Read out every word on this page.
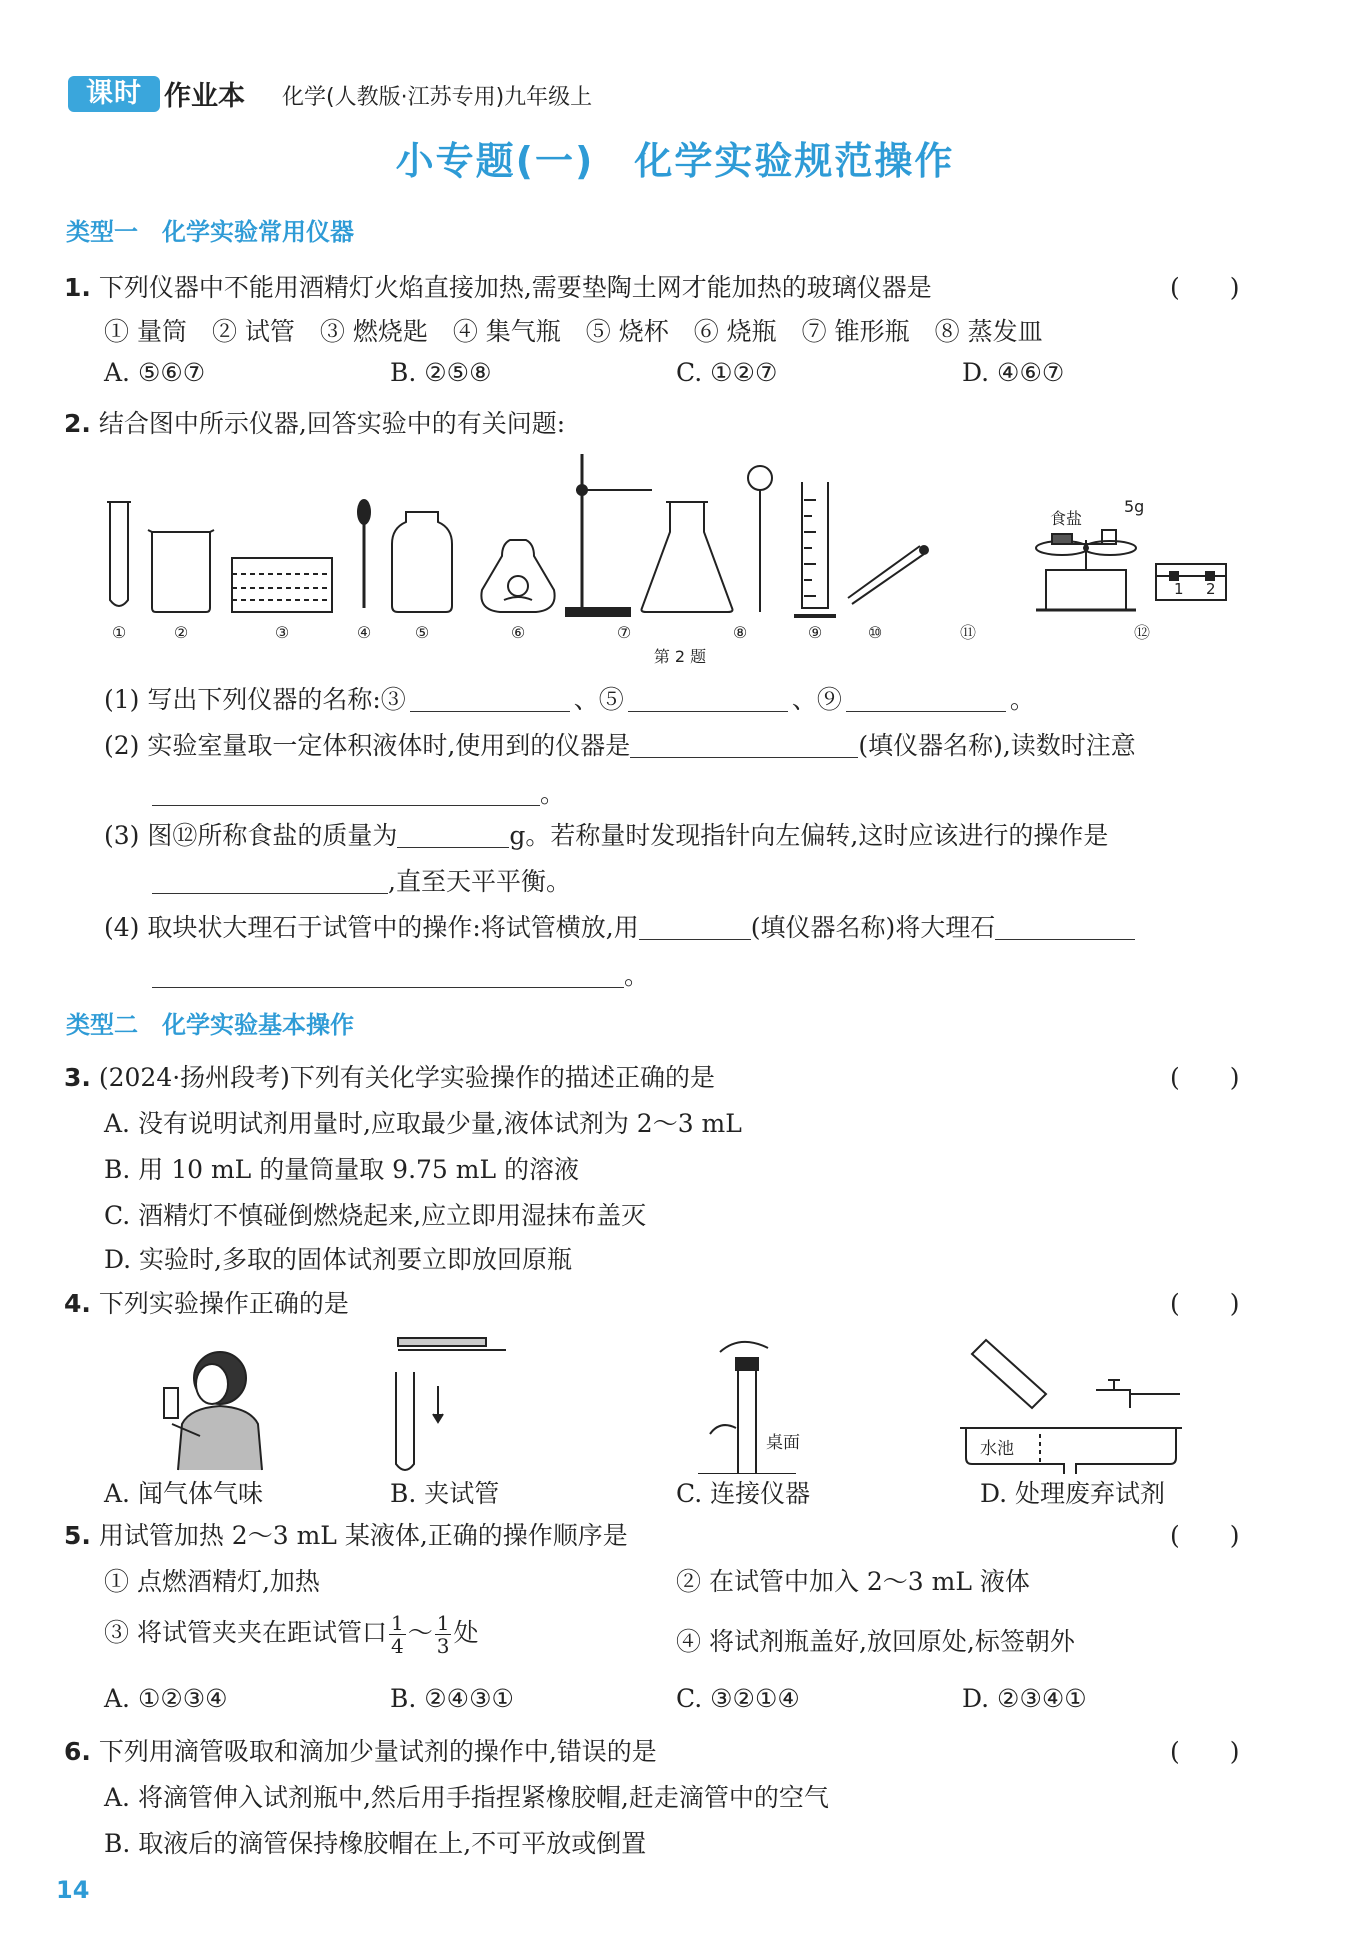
课时 作业本 化学(人教版·江苏专用)九年级上
小专题(一)　化学实验规范操作
类型一　化学实验常用仪器
1. 下列仪器中不能用酒精灯火焰直接加热,需要垫陶土网才能加热的玻璃仪器是	(　　)
① 量筒　② 试管　③ 燃烧匙　④ 集气瓶　⑤ 烧杯　⑥ 烧瓶　⑦ 锥形瓶　⑧ 蒸发皿
A. ⑤⑥⑦	B. ②⑤⑧	C. ①②⑦	D. ④⑥⑦
2. 结合图中所示仪器,回答实验中的有关问题:
食盐
5g
1 2
①	②	③	④	⑤	⑥	⑦	⑧	⑨	⑩	⑪	⑫
第 2 题
(1) 写出下列仪器的名称:③	、⑤	、⑨	。
(2) 实验室量取一定体积液体时,使用到的仪器是	(填仪器名称),读数时注意
。
(3) 图⑫所称食盐的质量为	g。若称量时发现指针向左偏转,这时应该进行的操作是
,直至天平平衡。
(4) 取块状大理石于试管中的操作:将试管横放,用	(填仪器名称)将大理石
。
类型二　化学实验基本操作
3. (2024·扬州段考)下列有关化学实验操作的描述正确的是	(　　)
A. 没有说明试剂用量时,应取最少量,液体试剂为 2～3 mL
B. 用 10 mL 的量筒量取 9.75 mL 的溶液
C. 酒精灯不慎碰倒燃烧起来,应立即用湿抹布盖灭
D. 实验时,多取的固体试剂要立即放回原瓶
4. 下列实验操作正确的是	(　　)
桌面	水池
A. 闻气体气味	B. 夹试管	C. 连接仪器	D. 处理废弃试剂
5. 用试管加热 2～3 mL 某液体,正确的操作顺序是	(　　)
① 点燃酒精灯,加热	② 在试管中加入 2～3 mL 液体
③ 将试管夹夹在距试管口 $\frac{1}{4}$ ～ $\frac{1}{3}$ 处	④ 将试剂瓶盖好,放回原处,标签朝外
A. ①②③④	B. ②④③①	C. ③②①④	D. ②③④①
6. 下列用滴管吸取和滴加少量试剂的操作中,错误的是	(　　)
A. 将滴管伸入试剂瓶中,然后用手指捏紧橡胶帽,赶走滴管中的空气
B. 取液后的滴管保持橡胶帽在上,不可平放或倒置
14
